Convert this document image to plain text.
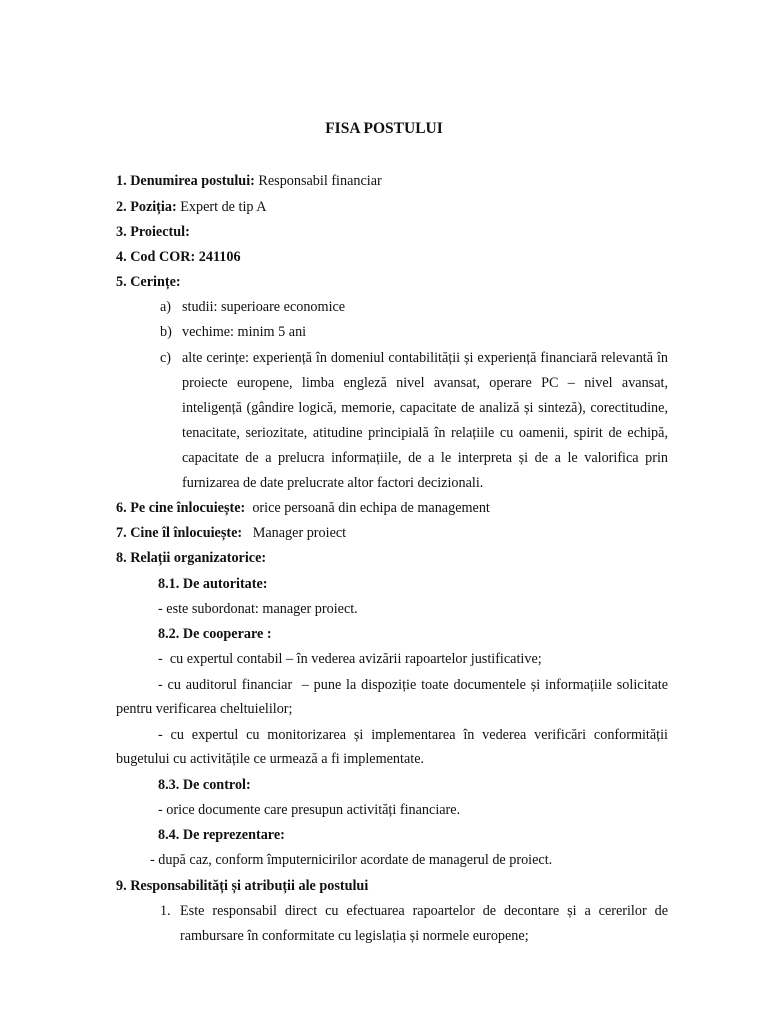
FISA POSTULUI
1. Denumirea postului: Responsabil financiar
2. Poziția: Expert de tip A
3. Proiectul:
4. Cod COR: 241106
5. Cerințe:
a) studii: superioare economice
b) vechime: minim 5 ani
c) alte cerințe: experiență în domeniul contabilității și experiență financiară relevantă în
proiecte europene, limba engleză nivel avansat, operare PC – nivel avansat,
inteligență (gândire logică, memorie, capacitate de analiză și sinteză), corectitudine,
tenacitate, seriozitate, atitudine principială în relațiile cu oamenii, spirit de echipă,
capacitate de a prelucra informațiile, de a le interpreta și de a le valorifica prin
furnizarea de date prelucrate altor factori decizionali.
6. Pe cine înlocuiește:  orice persoană din echipa de management
7. Cine îl înlocuiește:   Manager proiect
8. Relații organizatorice:
8.1. De autoritate:
- este subordonat: manager proiect.
8.2. De cooperare :
-  cu expertul contabil – în vederea avizării rapoartelor justificative;
- cu auditorul financiar  – pune la dispoziție toate documentele și informațiile solicitate
pentru verificarea cheltuielilor;
- cu expertul cu monitorizarea și implementarea în vederea verificări conformității
bugetului cu activitățile ce urmează a fi implementate.
8.3. De control:
- orice documente care presupun activități financiare.
8.4. De reprezentare:
- după caz, conform împuternicirilor acordate de managerul de proiect.
9. Responsabilități și atribuții ale postului
1. Este responsabil direct cu efectuarea rapoartelor de decontare și a cererilor de
rambursare în conformitate cu legislația și normele europene;
